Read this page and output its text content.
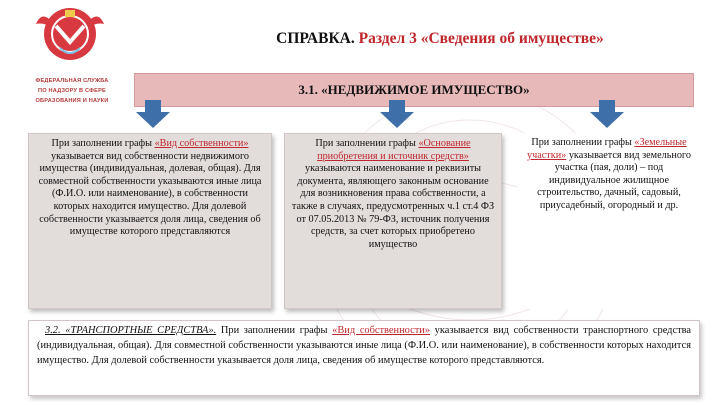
ФЕДЕРАЛЬНАЯ СЛУЖБА
ПО НАДЗОРУ В СФЕРЕ
ОБРАЗОВАНИЯ И НАУКИ
СПРАВКА. Раздел 3 «Сведения об имуществе»
3.1. «НЕДВИЖИМОЕ ИМУЩЕСТВО»
При заполнении графы «Вид собственности» указывается вид собственности недвижимого имущества (индивидуальная, долевая, общая). Для совместной собственности указываются иные лица (Ф.И.О. или наименование), в собственности которых находится имущество. Для долевой собственности указывается доля лица, сведения об имуществе которого представляются
При заполнении графы «Основание приобретения и источник средств» указываются наименование и реквизиты документа, являющего законным основание для возникновения права собственности, а также в случаях, предусмотренных ч.1 ст.4 ФЗ от 07.05.2013 № 79-ФЗ, источник получения средств, за счет которых приобретено имущество
При заполнении графы «Земельные участки» указывается вид земельного участка (пая, доли) – под индивидуальное жилищное строительство, дачный, садовый, приусадебный, огородный и др.
3.2. «ТРАНСПОРТНЫЕ СРЕДСТВА». При заполнении графы «Вид собственности» указывается вид собственности транспортного средства (индивидуальная, общая). Для совместной собственности указываются иные лица (Ф.И.О. или наименование), в собственности которых находится имущество. Для долевой собственности указывается доля лица, сведения об имуществе которого представляются.
